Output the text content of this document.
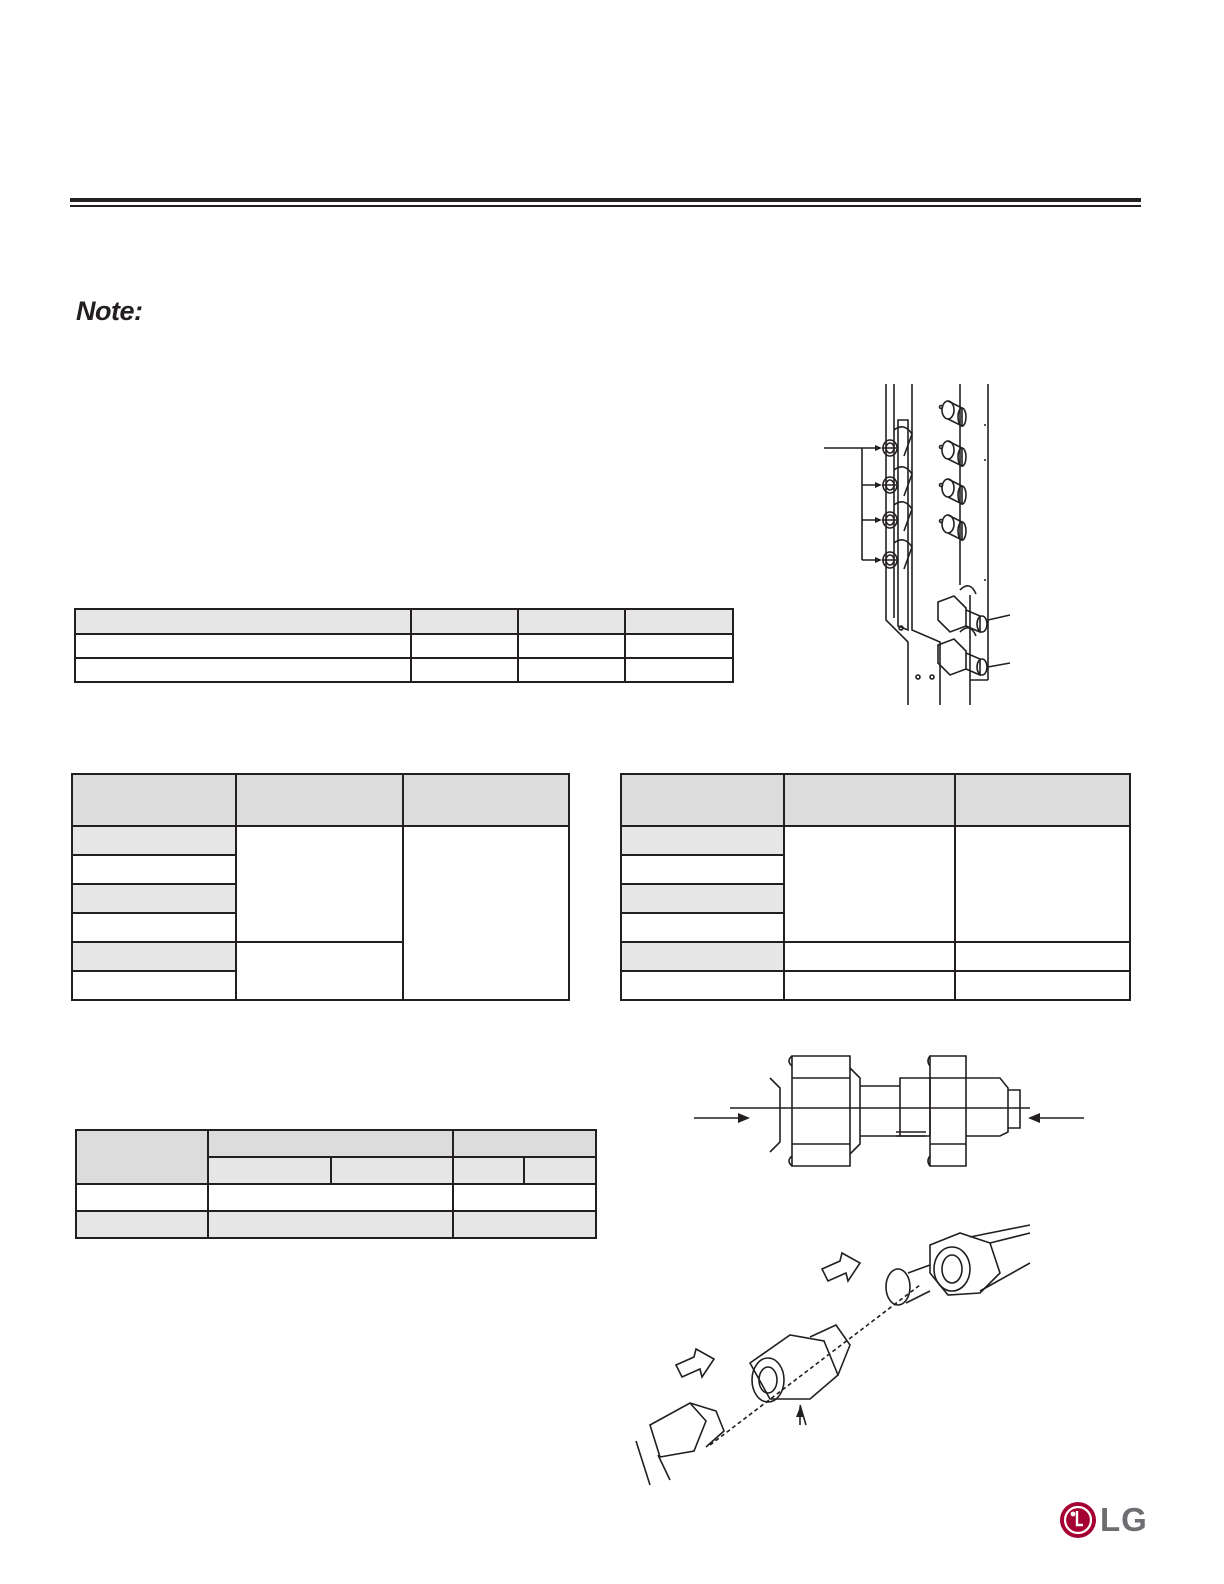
Note:

LG
